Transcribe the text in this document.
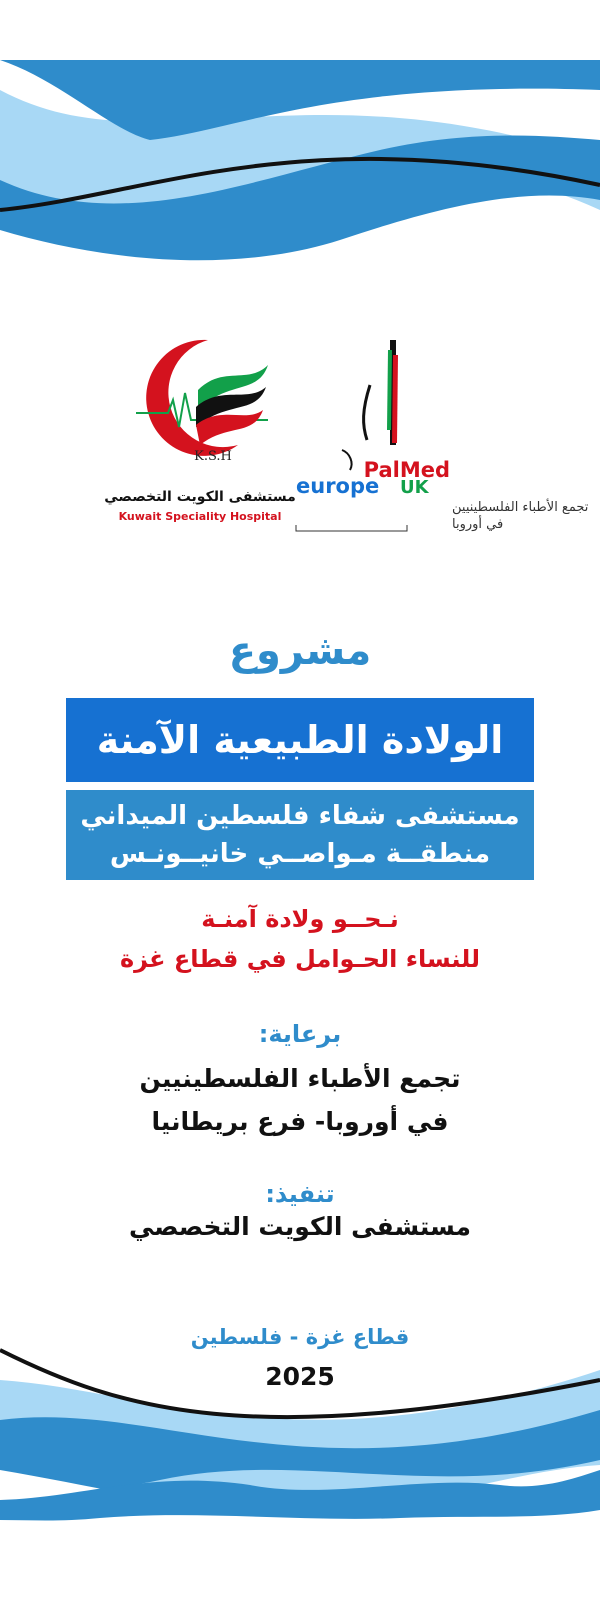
K.S.H
مستشفى الكويت التخصصي
Kuwait Speciality Hospital
PalMed
europe UK
تجمع الأطباء الفلسطينيين
في أوروبا
مشروع
الولادة الطبيعية الآمنة
مستشفى شفاء فلسطين الميداني
منطقــة مـواصــي خانيــونـس
نـحــو ولادة آمنـة
للنساء الحـوامل في قطاع غزة
برعاية:
تجمع الأطباء الفلسطينيين
في أوروبا- فرع بريطانيا
تنفيذ:
مستشفى الكويت التخصصي
قطاع غزة - فلسطين
2025
